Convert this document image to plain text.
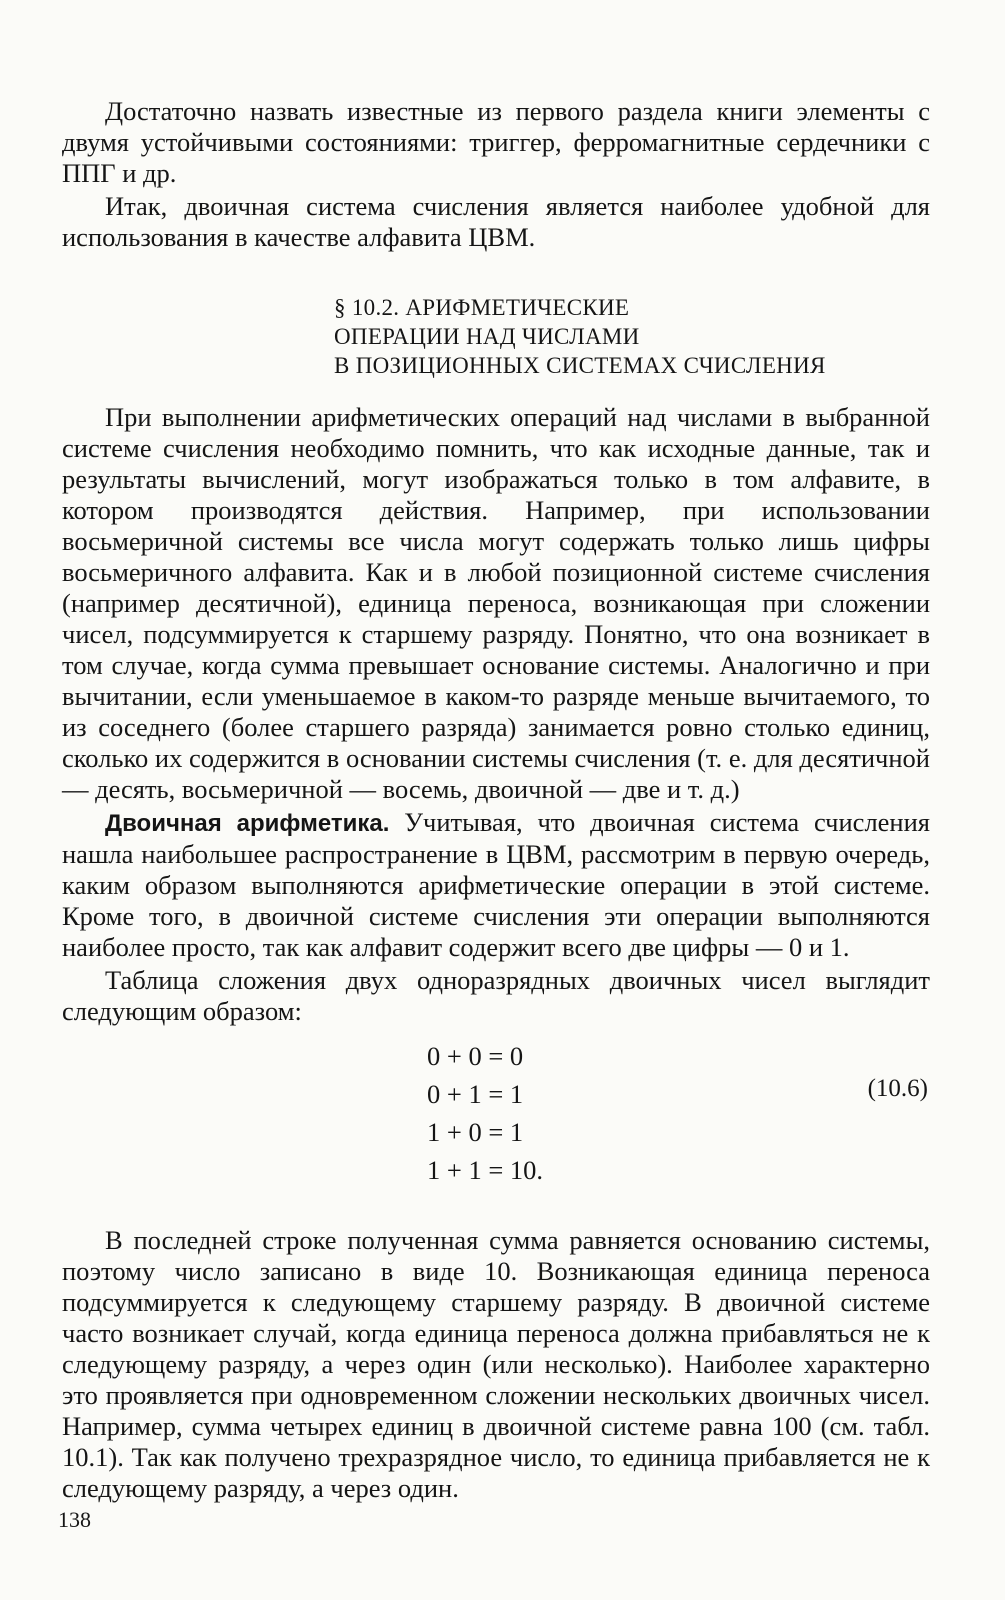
Достаточно назвать известные из первого раздела книги элементы с двумя устойчивыми состояниями: триггер, ферромагнитные сердечники с ППГ и др.

Итак, двоичная система счисления является наиболее удобной для использования в качестве алфавита ЦВМ.

§ 10.2. АРИФМЕТИЧЕСКИЕ
ОПЕРАЦИИ НАД ЧИСЛАМИ
В ПОЗИЦИОННЫХ СИСТЕМАХ СЧИСЛЕНИЯ

При выполнении арифметических операций над числами в выбранной системе счисления необходимо помнить, что как исходные данные, так и результаты вычислений, могут изображаться только в том алфавите, в котором производятся действия. Например, при использовании восьмеричной системы все числа могут содержать только лишь цифры восьмеричного алфавита. Как и в любой позиционной системе счисления (например десятичной), единица переноса, возникающая при сложении чисел, подсуммируется к старшему разряду. Понятно, что она возникает в том случае, когда сумма превышает основание системы. Аналогично и при вычитании, если уменьшаемое в каком-то разряде меньше вычитаемого, то из соседнего (более старшего разряда) занимается ровно столько единиц, сколько их содержится в основании системы счисления (т. е. для десятичной — десять, восьмеричной — восемь, двоичной — две и т. д.)

Двоичная арифметика. Учитывая, что двоичная система счисления нашла наибольшее распространение в ЦВМ, рассмотрим в первую очередь, каким образом выполняются арифметические операции в этой системе. Кроме того, в двоичной системе счисления эти операции выполняются наиболее просто, так как алфавит содержит всего две цифры — 0 и 1.

Таблица сложения двух одноразрядных двоичных чисел выглядит следующим образом:

0 + 0 = 0
0 + 1 = 1
1 + 0 = 1
1 + 1 = 10.
(10.6)

В последней строке полученная сумма равняется основанию системы, поэтому число записано в виде 10. Возникающая единица переноса подсуммируется к следующему старшему разряду. В двоичной системе часто возникает случай, когда единица переноса должна прибавляться не к следующему разряду, а через один (или несколько). Наиболее характерно это проявляется при одновременном сложении нескольких двоичных чисел. Например, сумма четырех единиц в двоичной системе равна 100 (см. табл. 10.1). Так как получено трехразрядное число, то единица прибавляется не к следующему разряду, а через один.

138
